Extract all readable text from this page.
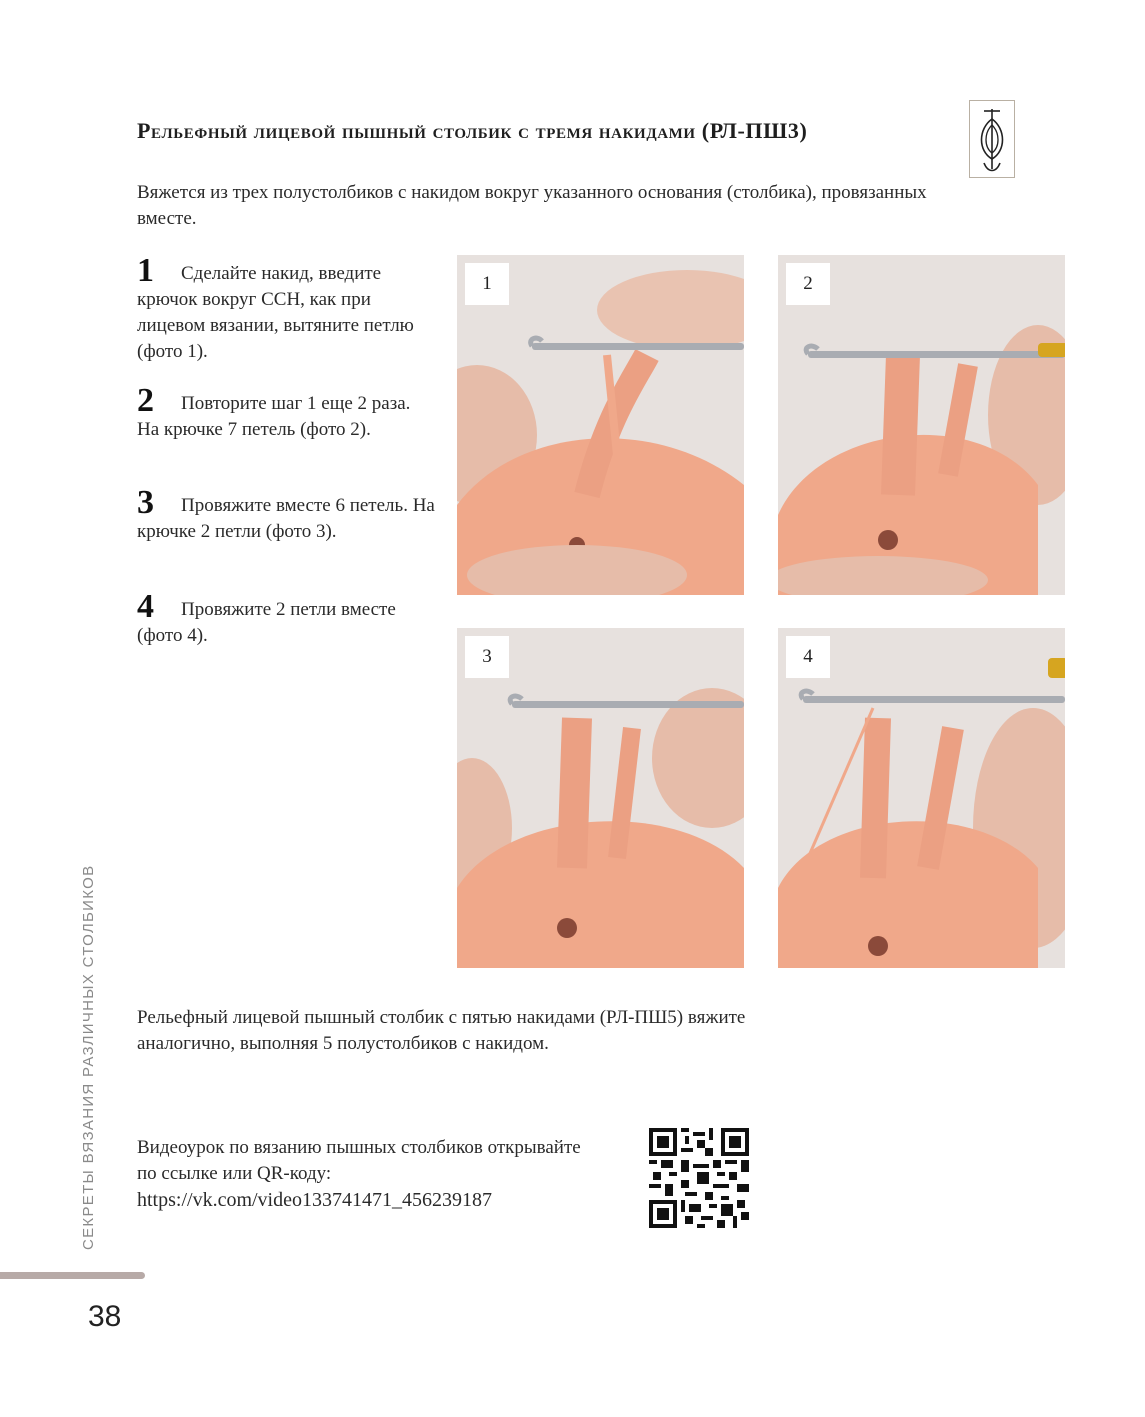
Рельефный лицевой пышный столбик с тремя накидами (РЛ-ПШ3)
Вяжется из трех полустолбиков с накидом вокруг указанного основания (столбика), провязанных вместе.
1 Сделайте накид, введите крючок вокруг ССН, как при лицевом вязании, вытяните петлю (фото 1).
2 Повторите шаг 1 еще 2 раза. На крючке 7 петель (фото 2).
3 Провяжите вместе 6 петель. На крючке 2 петли (фото 3).
4 Провяжите 2 петли вместе (фото 4).
1	2
3	4
Рельефный лицевой пышный столбик с пятью накидами (РЛ-ПШ5) вяжите аналогично, выполняя 5 полустолбиков с накидом.
Видеоурок по вязанию пышных столбиков открывайте
по ссылке или QR-коду:
https://vk.com/video133741471_456239187
СЕКРЕТЫ ВЯЗАНИЯ РАЗЛИЧНЫХ СТОЛБИКОВ
38
